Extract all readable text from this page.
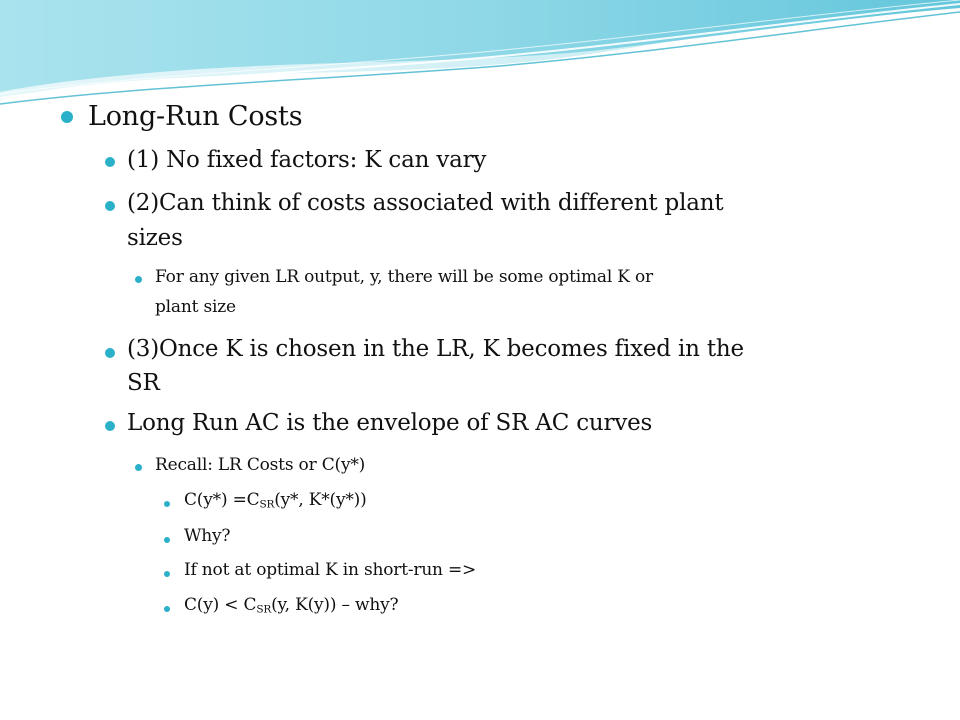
Long-Run Costs
(1) No fixed factors: K can vary
(2)Can think of costs associated with different plant
sizes
For any given LR output, y, there will be some optimal K or
plant size
(3)Once K is chosen in the LR, K becomes fixed in the
SR
Long Run AC is the envelope of SR AC curves
Recall: LR Costs or C(y*)
$C(y*) =C_{SR}(y*$, K*(y*))
Why?
If not at optimal K in short-run =>
$C(y) < C_{SR}(y$, K(y)) – why?
